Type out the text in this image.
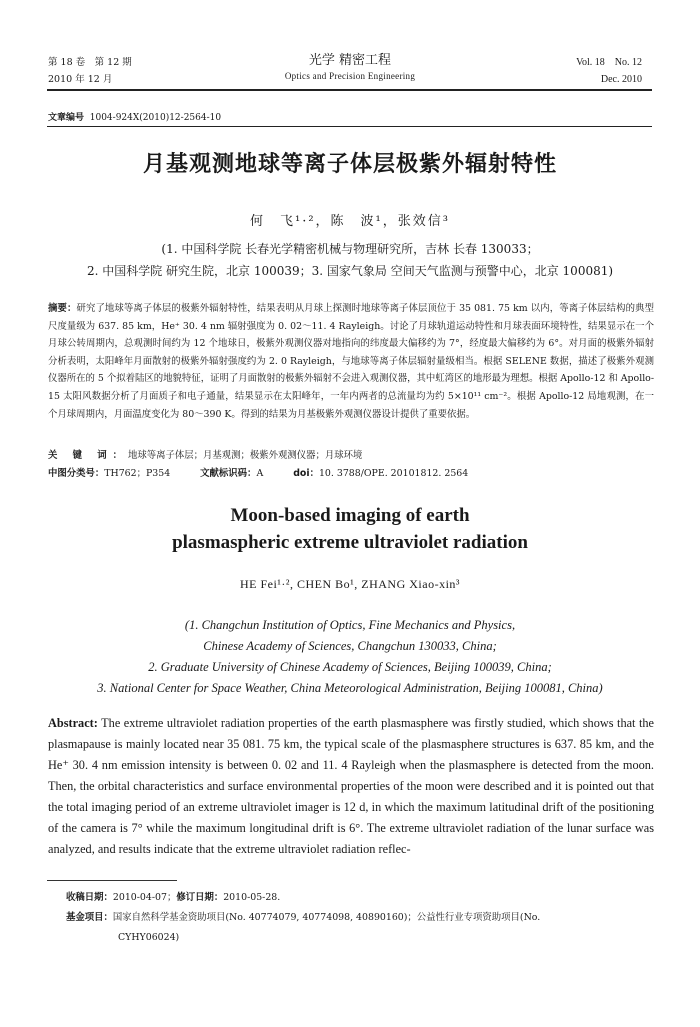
第 18 卷　第 12 期
2010 年 12 月
光学 精密工程
Optics and Precision Engineering
Vol. 18　No. 12
Dec. 2010
文章编号 1004-924X(2010)12-2564-10
月基观测地球等离子体层极紫外辐射特性
何　飞¹·²，陈　波¹，张效信³
(1. 中国科学院 长春光学精密机械与物理研究所，吉林 长春 130033；
2. 中国科学院 研究生院，北京 100039；3. 国家气象局 空间天气监测与预警中心，北京 100081)
摘要：研究了地球等离子体层的极紫外辐射特性，结果表明从月球上探测时地球等离子体层顶位于 35 081. 75 km 以内，等离子体层结构的典型尺度量级为 637. 85 km，He⁺ 30. 4 nm 辐射强度为 0. 02～11. 4 Rayleigh。讨论了月球轨道运动特性和月球表面环境特性，结果显示在一个月球公转周期内，总观测时间约为 12 个地球日，极紫外观测仪器对地指向的纬度最大偏移约为 7°，经度最大偏移约为 6°。对月面的极紫外辐射分析表明，太阳峰年月面散射的极紫外辐射强度约为 2. 0 Rayleigh，与地球等离子体层辐射量级相当。根据 SELENE 数据，描述了极紫外观测仪器所在的 5 个拟着陆区的地貌特征，证明了月面散射的极紫外辐射不会进入观测仪器，其中虹湾区的地形最为理想。根据 Apollo-12 和 Apollo-15 太阳风数据分析了月面质子和电子通量，结果显示在太阳峰年，一年内两者的总流量均为约 5×10¹¹ cm⁻²。根据 Apollo-12 局地观测，在一个月球周期内，月面温度变化为 80～390 K。得到的结果为月基极紫外观测仪器设计提供了重要依据。
关 键 词：地球等离子体层；月基观测；极紫外观测仪器；月球环境
中图分类号：TH762；P354	文献标识码：A	doi：10. 3788/OPE. 20101812. 2564
Moon-based imaging of earth plasmaspheric extreme ultraviolet radiation
HE Fei¹·², CHEN Bo¹, ZHANG Xiao-xin³
(1. Changchun Institution of Optics, Fine Mechanics and Physics,
Chinese Academy of Sciences, Changchun 130033, China;
2. Graduate University of Chinese Academy of Sciences, Beijing 100039, China;
3. National Center for Space Weather, China Meteorological Administration, Beijing 100081, China)
Abstract: The extreme ultraviolet radiation properties of the earth plasmasphere was firstly studied, which shows that the plasmapause is mainly located near 35 081. 75 km, the typical scale of the plasmasphere structures is 637. 85 km, and the He⁺ 30. 4 nm emission intensity is between 0. 02 and 11. 4 Rayleigh when the plasmasphere is detected from the moon. Then, the orbital characteristics and surface environmental properties of the moon were described and it is pointed out that the total imaging period of an extreme ultraviolet imager is 12 d, in which the maximum latitudinal drift of the positioning of the camera is 7° while the maximum longitudinal drift is 6°. The extreme ultraviolet radiation of the lunar surface was analyzed, and results indicate that the extreme ultraviolet radiation reflec-
收稿日期：2010-04-07；修订日期：2010-05-28.
基金项目：国家自然科学基金资助项目(No. 40774079, 40774098, 40890160)；公益性行业专项资助项目(No.
CYHY06024)
